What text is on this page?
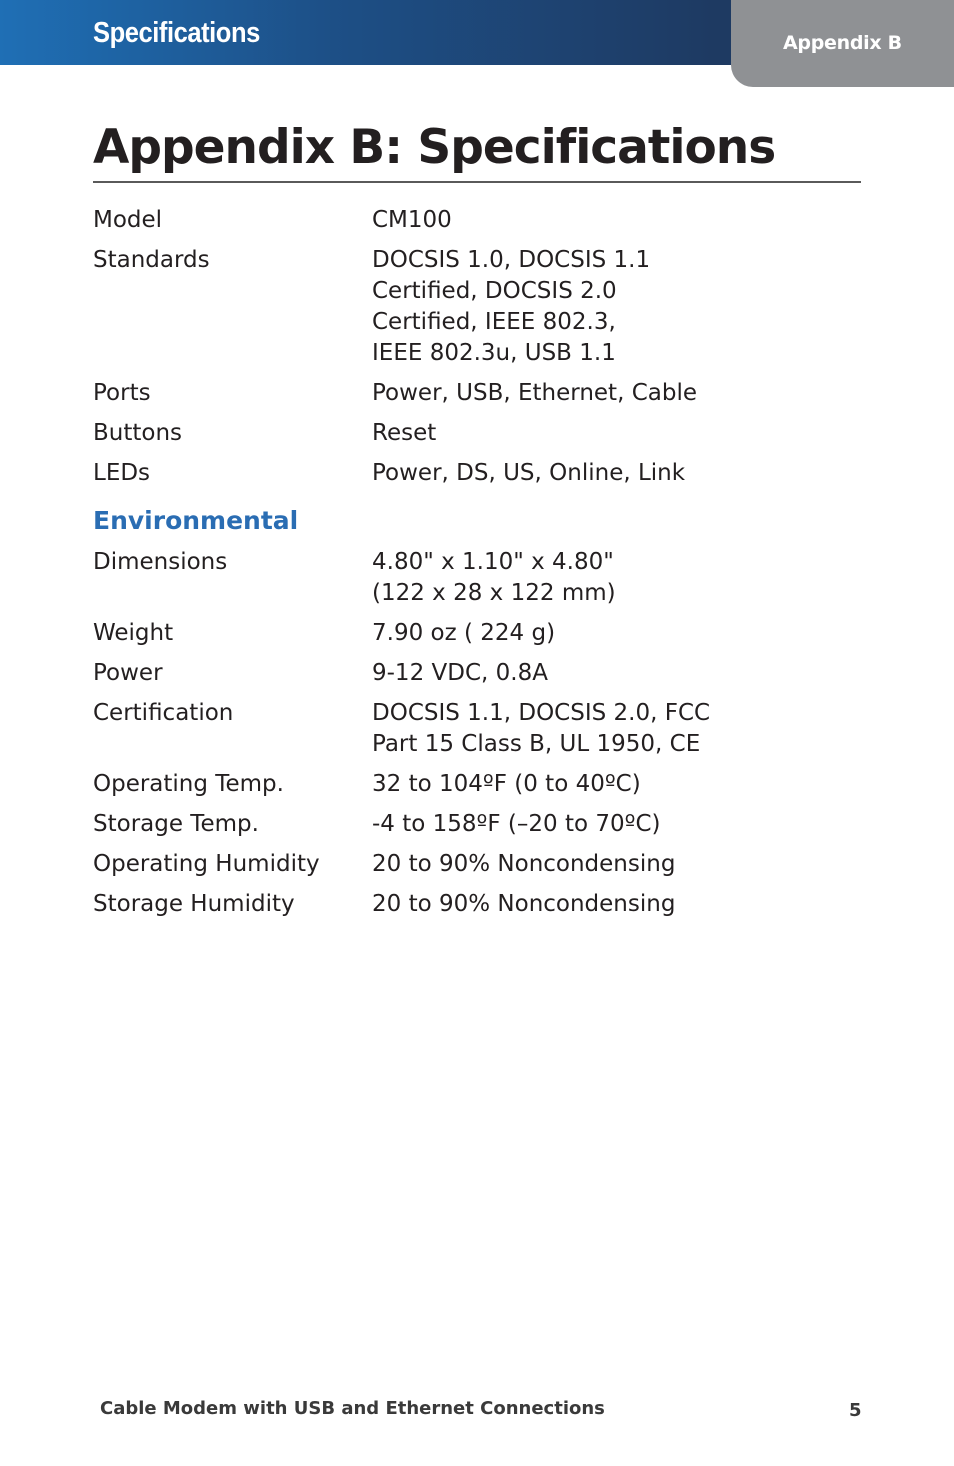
Specifications	Appendix B
Appendix B: Specifications
Model	CM100
Standards	DOCSIS 1.0, DOCSIS 1.1
Certified, DOCSIS 2.0
Certified, IEEE 802.3,
IEEE 802.3u, USB 1.1
Ports	Power, USB, Ethernet, Cable
Buttons	Reset
LEDs	Power, DS, US, Online, Link
Environmental
Dimensions	4.80" x 1.10" x 4.80"
(122 x 28 x 122 mm)
Weight	7.90 oz ( 224 g)
Power	9-12 VDC, 0.8A
Certification	DOCSIS 1.1, DOCSIS 2.0, FCC
Part 15 Class B, UL 1950, CE
Operating Temp.	32 to 104ºF (0 to 40ºC)
Storage Temp.	-4 to 158ºF (–20 to 70ºC)
Operating Humidity	20 to 90% Noncondensing
Storage Humidity	20 to 90% Noncondensing
Cable Modem with USB and Ethernet Connections	5
